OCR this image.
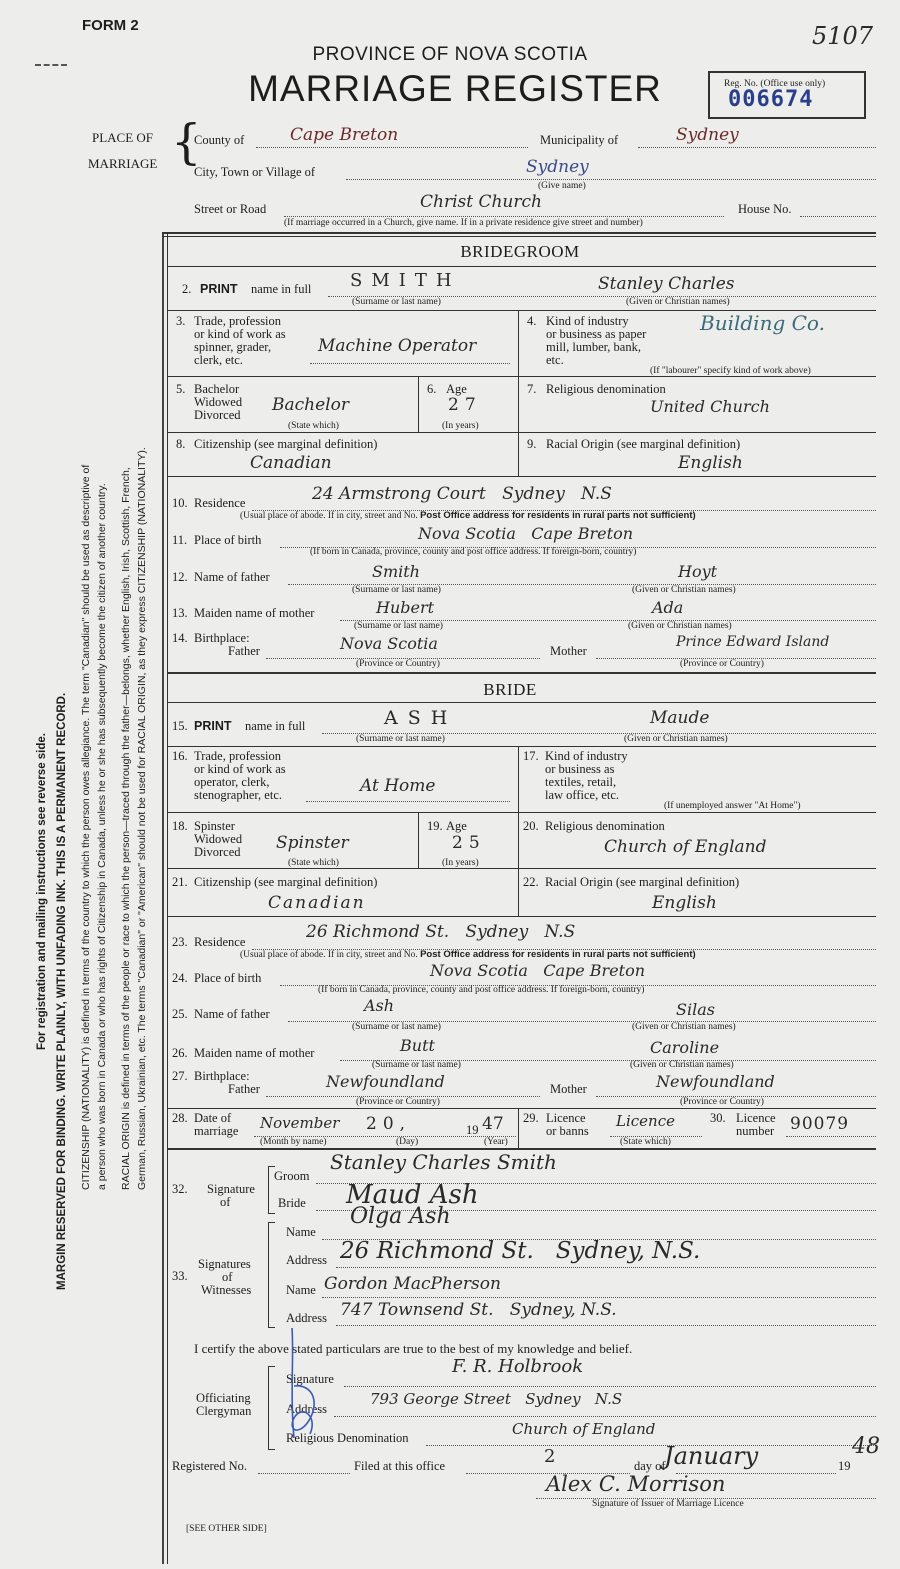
FORM 2	5107
PROVINCE OF NOVA SCOTIA
MARRIAGE REGISTER	Reg. No. (Office use only)
006674
PLACE OF
MARRIAGE {
County of	Cape Breton	Municipality of	Sydney
City, Town or Village of	Sydney
(Give name)
Street or Road	Christ Church	House No.
(If marriage occurred in a Church, give name. If in a private residence give street and number)
BRIDEGROOM
2. PRINT name in full SMITH	Stanley Charles
(Surname or last name)	(Given or Christian names)
3. Trade, profession
or kind of work as
spinner, grader,
clerk, etc.
Machine Operator
4. Kind of industry
or business as paper
mill, lumber, bank,
etc.
Building Co.
(If "labourer" specify kind of work above)
5. Bachelor
Widowed
Divorced Bachelor
(State which)
6. Age
27
(In years)
7. Religious denomination
United Church
8. Citizenship (see marginal definition)
Canadian
9. Racial Origin (see marginal definition)
English
10. Residence	24 Armstrong Court   Sydney   N.S
(Usual place of abode. If in city, street and No. Post Office address for residents in rural parts not sufficient)
11. Place of birth	Nova Scotia   Cape Breton
(If born in Canada, province, county and post office address. If foreign-born, country)
12. Name of father	Smith	Hoyt
(Surname or last name)	(Given or Christian names)
13. Maiden name of mother	Hubert	Ada
(Surname or last name)	(Given or Christian names)
14. Birthplace:
Father	Nova Scotia	Mother
Prince Edward Island
(Province or Country)	(Province or Country)
BRIDE
15. PRINT name in full	ASH	Maude
(Surname or last name)	(Given or Christian names)
16. Trade, profession
or kind of work as
operator, clerk,
stenographer, etc.	At Home
17. Kind of industry
or business as
textiles, retail,
law office, etc.
(If unemployed answer "At Home")
18. Spinster
Widowed
Divorced Spinster
(State which)
19. Age
25
(In years)
20. Religious denomination
Church of England
21. Citizenship (see marginal definition)
Canadian
22. Racial Origin (see marginal definition)
English
23. Residence	26 Richmond St.   Sydney   N.S
(Usual place of abode. If in city, street and No. Post Office address for residents in rural parts not sufficient)
24. Place of birth	Nova Scotia   Cape Breton
(If born in Canada, province, county and post office address. If foreign-born, country)
25. Name of father	Ash	Silas
(Surname or last name)	(Given or Christian names)
26. Maiden name of mother	Butt	Caroline
(Surname or last name)	(Given or Christian names)
27. Birthplace:
Father	Newfoundland	Mother	Newfoundland
(Province or Country)	(Province or Country)
28. Date of
marriage November 20,	19 47
(Month by name)	(Day)	(Year)
29. Licence
or banns
Licence
(State which)
30. Licence
number 90079
32. Signature
of
Groom
Stanley Charles Smith
Bride Maud Ash
33.
Signatures
of
Witnesses
Name
Olga Ash
Address 26 Richmond St.   Sydney, N.S.
Name Gordon MacPherson
Address 747 Townsend St.   Sydney, N.S.
I certify the above stated particulars are true to the best of my knowledge and belief.
Officiating
Clergyman
Signature
F. R. Holbrook
Address
793 George Street   Sydney   N.S
Religious Denomination	Church of England
Registered No.	Filed at this office	2	day of
January	19
48
Alex C. Morrison
Signature of Issuer of Marriage Licence
[SEE OTHER SIDE]
For registration and mailing instructions see reverse side. MARGIN RESERVED FOR BINDING. WRITE PLAINLY, WITH UNFADING INK. THIS IS A PERMANENT RECORD. CITIZENSHIP (NATIONALITY) is defined in terms of the country to which the person owes allegiance. The term "Canadian" should be used as descriptive of a person who was born in Canada or who has rights of Citizenship in Canada, unless he or she has subsequently become the citizen of another country. RACIAL ORIGIN is defined in terms of the people or race to which the person—traced through the father—belongs, whether English, Irish, Scottish, French, German, Russian, Ukrainian, etc. The terms "Canadian" or "American" should not be used for RACIAL ORIGIN, as they express CITIZENSHIP (NATIONALITY).
